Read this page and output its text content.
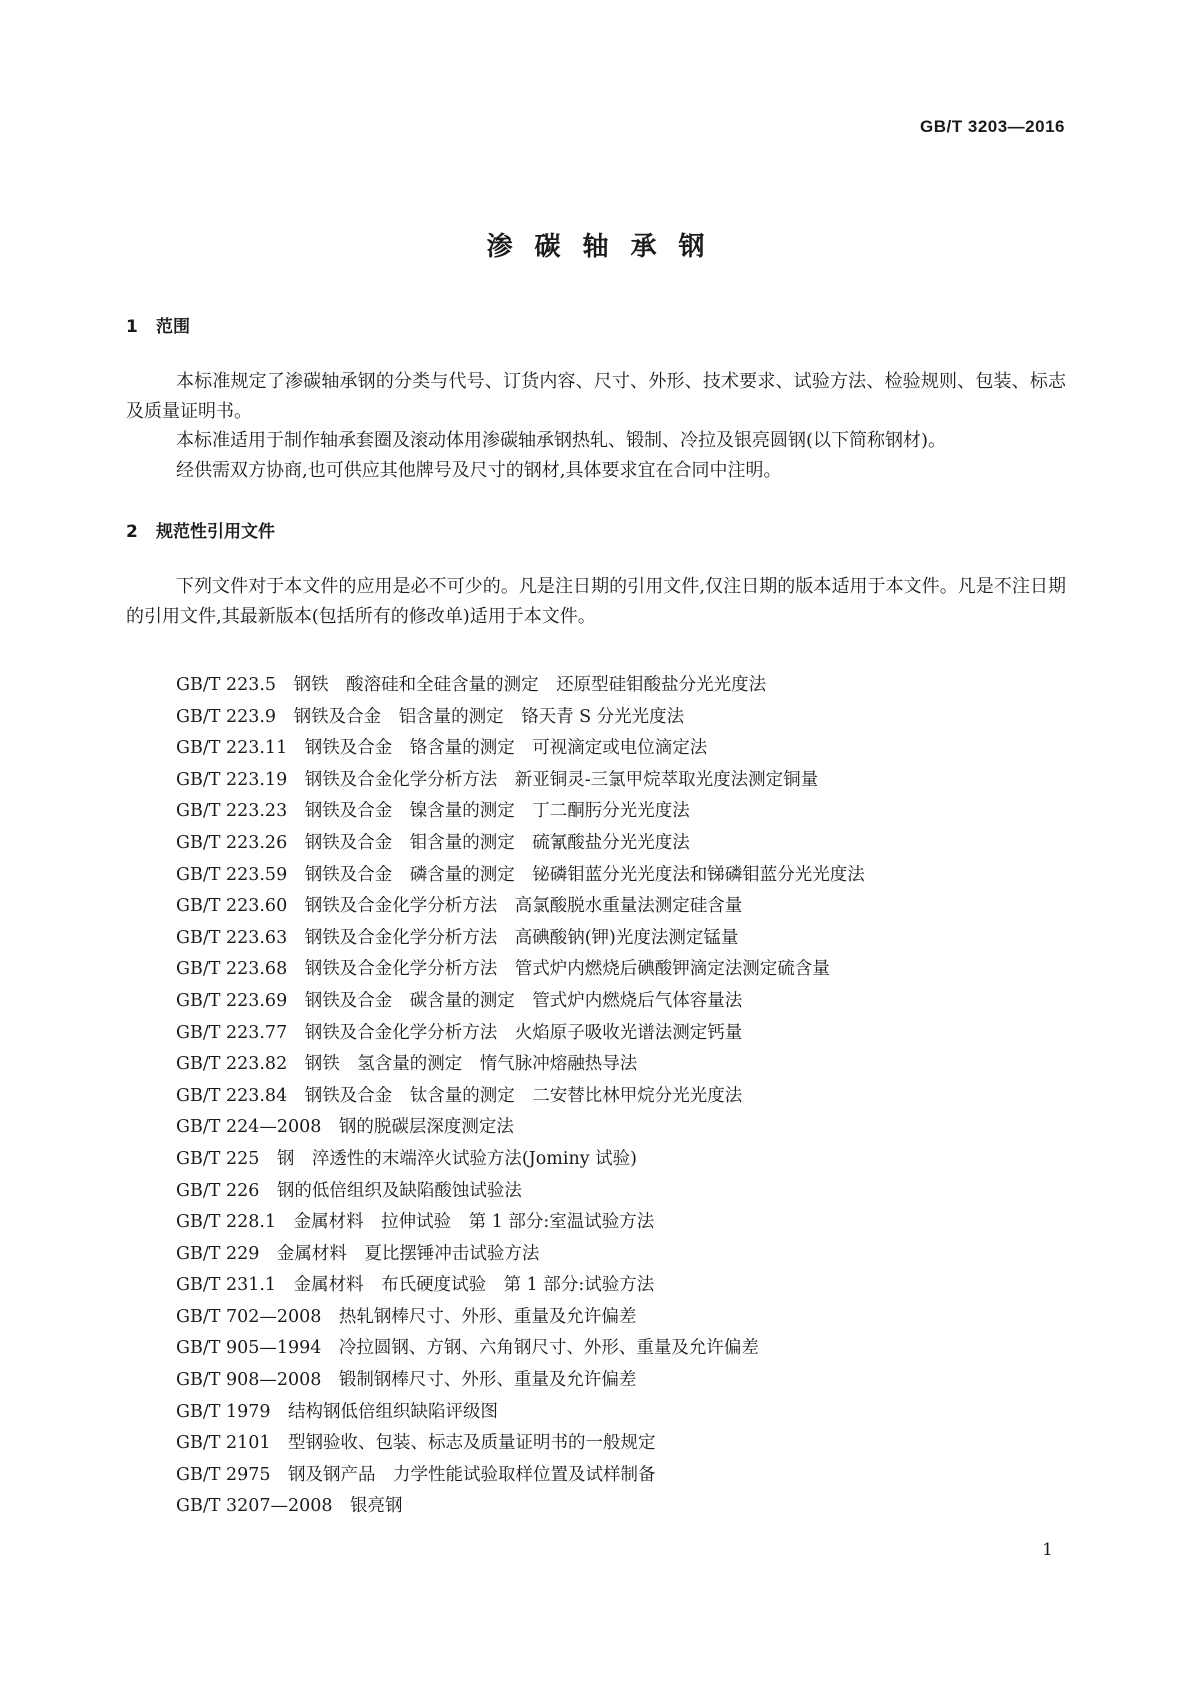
GB/T 3203—2016
渗碳轴承钢
1 范围

本标准规定了渗碳轴承钢的分类与代号、订货内容、尺寸、外形、技术要求、试验方法、检验规则、包装、标志及质量证明书。

本标准适用于制作轴承套圈及滚动体用渗碳轴承钢热轧、锻制、冷拉及银亮圆钢(以下简称钢材)。

经供需双方协商,也可供应其他牌号及尺寸的钢材,具体要求宜在合同中注明。

2 规范性引用文件

下列文件对于本文件的应用是必不可少的。凡是注日期的引用文件,仅注日期的版本适用于本文件。凡是不注日期的引用文件,其最新版本(包括所有的修改单)适用于本文件。

GB/T 223.5　钢铁　酸溶硅和全硅含量的测定　还原型硅钼酸盐分光光度法
GB/T 223.9　钢铁及合金　铝含量的测定　铬天青 S 分光光度法
GB/T 223.11　钢铁及合金　铬含量的测定　可视滴定或电位滴定法
GB/T 223.19　钢铁及合金化学分析方法　新亚铜灵-三氯甲烷萃取光度法测定铜量
GB/T 223.23　钢铁及合金　镍含量的测定　丁二酮肟分光光度法
GB/T 223.26　钢铁及合金　钼含量的测定　硫氰酸盐分光光度法
GB/T 223.59　钢铁及合金　磷含量的测定　铋磷钼蓝分光光度法和锑磷钼蓝分光光度法
GB/T 223.60　钢铁及合金化学分析方法　高氯酸脱水重量法测定硅含量
GB/T 223.63　钢铁及合金化学分析方法　高碘酸钠(钾)光度法测定锰量
GB/T 223.68　钢铁及合金化学分析方法　管式炉内燃烧后碘酸钾滴定法测定硫含量
GB/T 223.69　钢铁及合金　碳含量的测定　管式炉内燃烧后气体容量法
GB/T 223.77　钢铁及合金化学分析方法　火焰原子吸收光谱法测定钙量
GB/T 223.82　钢铁　氢含量的测定　惰气脉冲熔融热导法
GB/T 223.84　钢铁及合金　钛含量的测定　二安替比林甲烷分光光度法
GB/T 224—2008　钢的脱碳层深度测定法
GB/T 225　钢　淬透性的末端淬火试验方法(Jominy 试验)
GB/T 226　钢的低倍组织及缺陷酸蚀试验法
GB/T 228.1　金属材料　拉伸试验　第 1 部分:室温试验方法
GB/T 229　金属材料　夏比摆锤冲击试验方法
GB/T 231.1　金属材料　布氏硬度试验　第 1 部分:试验方法
GB/T 702—2008　热轧钢棒尺寸、外形、重量及允许偏差
GB/T 905—1994　冷拉圆钢、方钢、六角钢尺寸、外形、重量及允许偏差
GB/T 908—2008　锻制钢棒尺寸、外形、重量及允许偏差
GB/T 1979　结构钢低倍组织缺陷评级图
GB/T 2101　型钢验收、包装、标志及质量证明书的一般规定
GB/T 2975　钢及钢产品　力学性能试验取样位置及试样制备
GB/T 3207—2008　银亮钢
1
